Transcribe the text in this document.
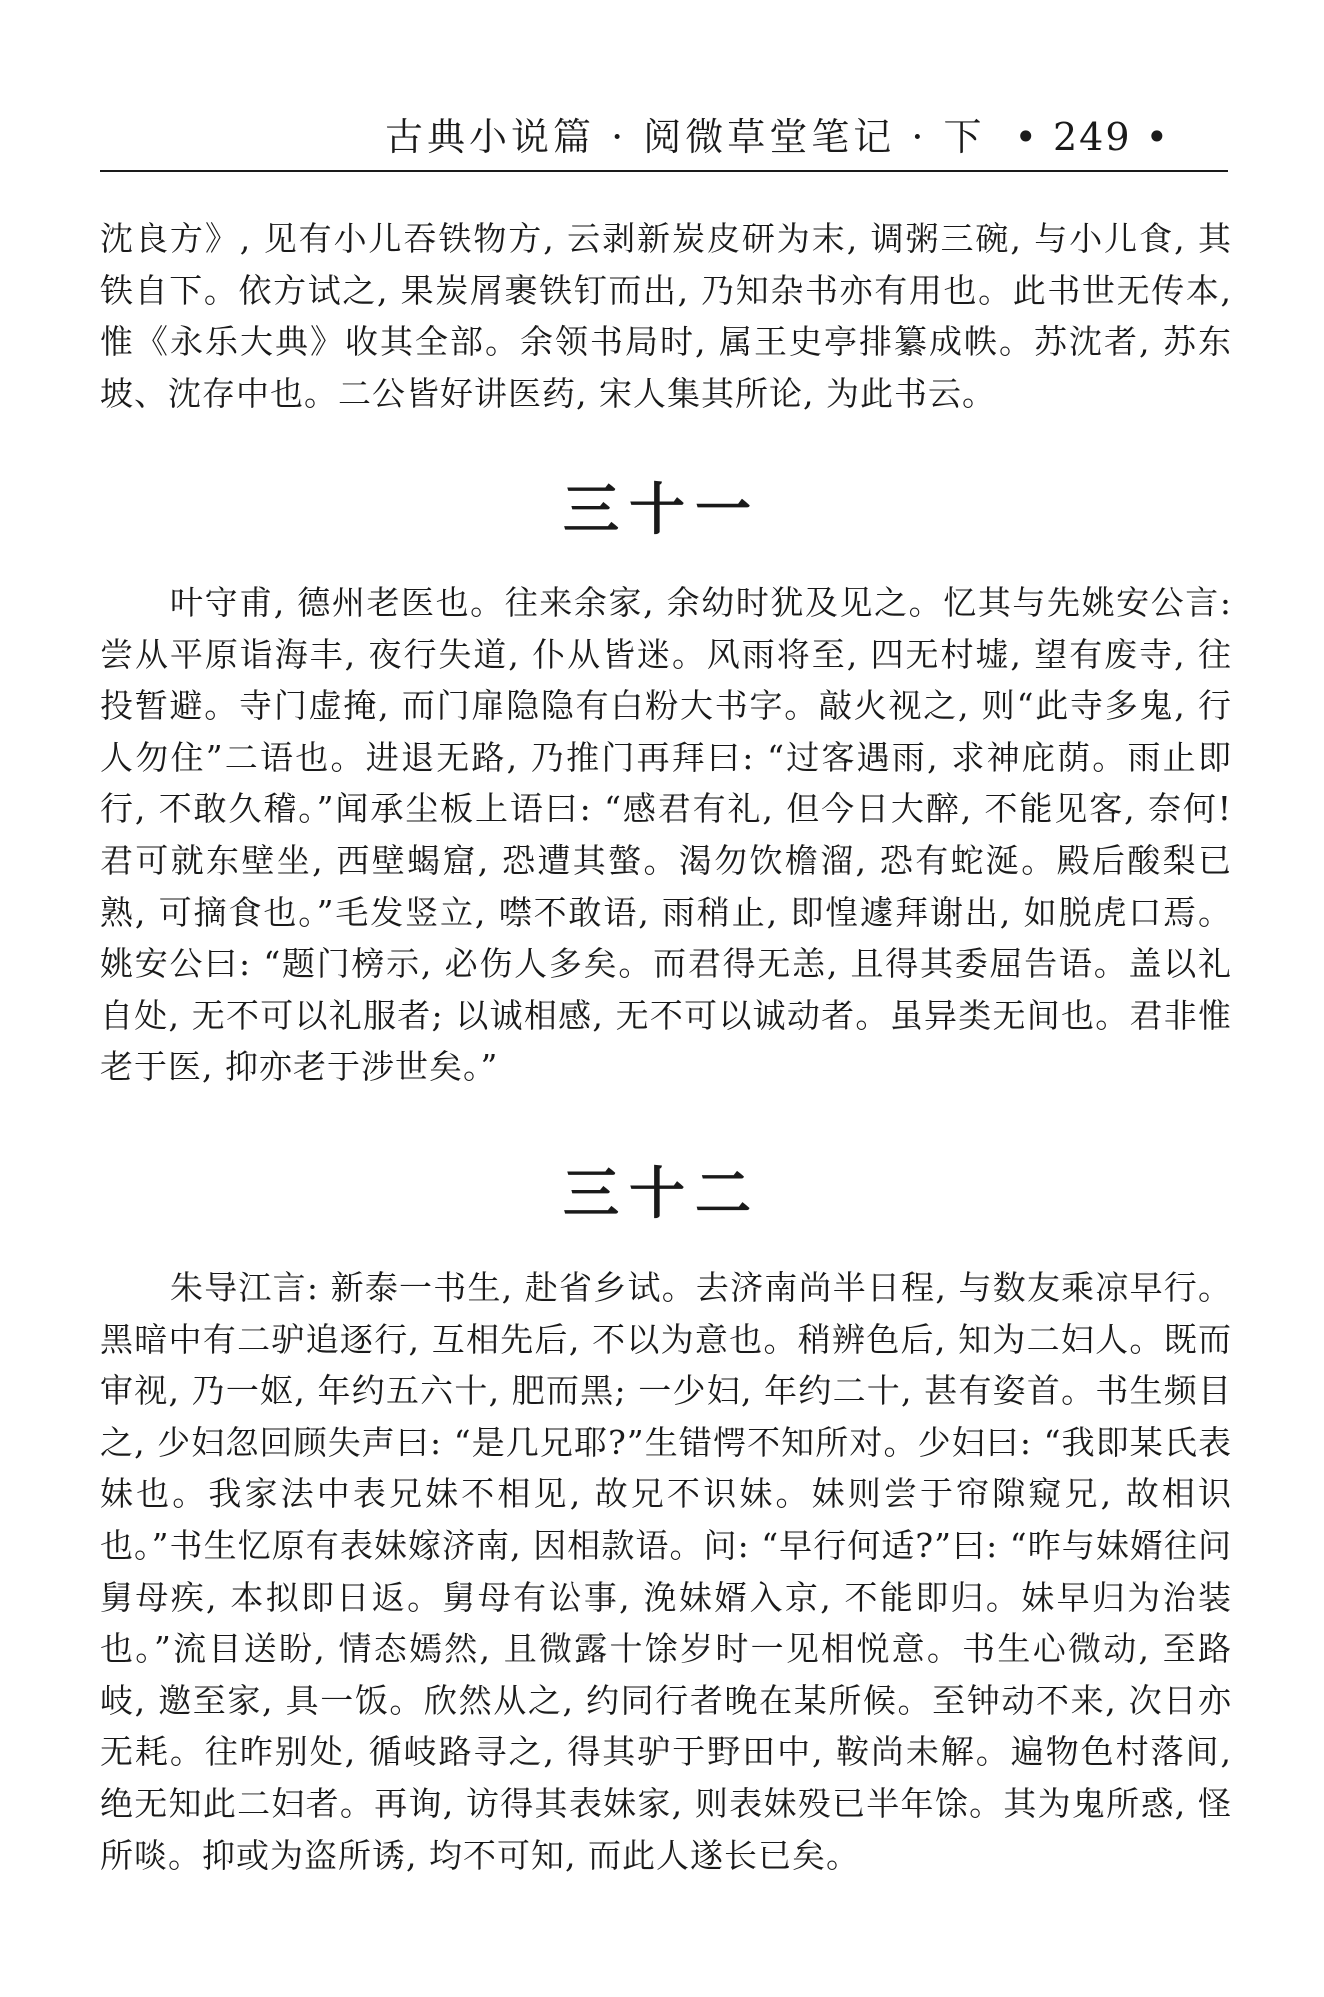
古典小说篇 · 阅微草堂笔记 · 下 • 249 •

沈良方》, 见有小儿吞铁物方, 云剥新炭皮研为末, 调粥三碗, 与小儿食, 其铁自下。依方试之, 果炭屑裹铁钉而出, 乃知杂书亦有用也。此书世无传本, 惟《永乐大典》收其全部。余领书局时, 属王史亭排纂成帙。苏沈者, 苏东坡、沈存中也。二公皆好讲医药, 宋人集其所论, 为此书云。

三十一

叶守甫, 德州老医也。往来余家, 余幼时犹及见之。忆其与先姚安公言: 尝从平原诣海丰, 夜行失道, 仆从皆迷。风雨将至, 四无村墟, 望有废寺, 往投暂避。寺门虚掩, 而门扉隐隐有白粉大书字。敲火视之, 则“此寺多鬼, 行人勿住”二语也。进退无路, 乃推门再拜曰: “过客遇雨, 求神庇荫。雨止即行, 不敢久稽。”闻承尘板上语曰: “感君有礼, 但今日大醉, 不能见客, 奈何! 君可就东壁坐, 西壁蝎窟, 恐遭其螫。渴勿饮檐溜, 恐有蛇涎。殿后酸梨已熟, 可摘食也。”毛发竖立, 噤不敢语, 雨稍止, 即惶遽拜谢出, 如脱虎口焉。姚安公曰: “题门榜示, 必伤人多矣。而君得无恙, 且得其委屈告语。盖以礼自处, 无不可以礼服者; 以诚相感, 无不可以诚动者。虽异类无间也。君非惟老于医, 抑亦老于涉世矣。”

三十二

朱导江言: 新泰一书生, 赴省乡试。去济南尚半日程, 与数友乘凉早行。黑暗中有二驴追逐行, 互相先后, 不以为意也。稍辨色后, 知为二妇人。既而审视, 乃一妪, 年约五六十, 肥而黑; 一少妇, 年约二十, 甚有姿首。书生频目之, 少妇忽回顾失声曰: “是几兄耶?”生错愕不知所对。少妇曰: “我即某氏表妹也。我家法中表兄妹不相见, 故兄不识妹。妹则尝于帘隙窥兄, 故相识也。”书生忆原有表妹嫁济南, 因相款语。问: “早行何适?”曰: “昨与妹婿往问舅母疾, 本拟即日返。舅母有讼事, 浼妹婿入京, 不能即归。妹早归为治装也。”流目送盼, 情态嫣然, 且微露十馀岁时一见相悦意。书生心微动, 至路岐, 邀至家, 具一饭。欣然从之, 约同行者晚在某所候。至钟动不来, 次日亦无耗。往昨别处, 循岐路寻之, 得其驴于野田中, 鞍尚未解。遍物色村落间, 绝无知此二妇者。再询, 访得其表妹家, 则表妹殁已半年馀。其为鬼所惑, 怪所啖。抑或为盗所诱, 均不可知, 而此人遂长已矣。
